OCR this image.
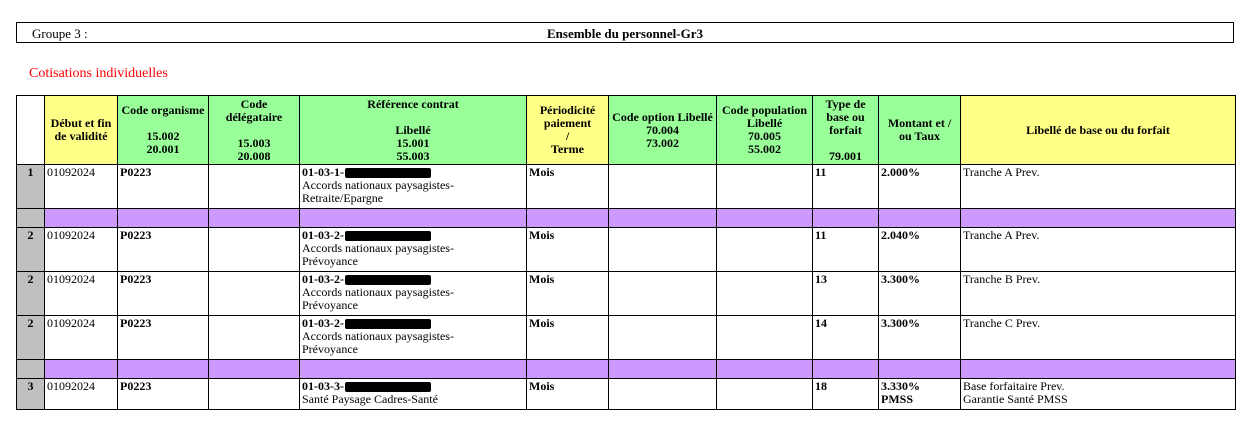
Groupe 3 :	Ensemble du personnel-Gr3
Cotisations individuelles
	Début et fin de validité	Code organisme

15.002
20.001	Code délégataire

15.003
20.008	Référence contrat

Libellé
15.001
55.003	Périodicité paiement
/
Terme	Code option Libellé
70.004
73.002	Code population Libellé
70.005
55.002	Type de base ou forfait

79.001	Montant et / ou Taux	Libellé de base ou du forfait
1	01092024	P0223		01-03-1-
Accords nationaux paysagistes-
Retraite/Epargne	Mois			11	2.000%	Tranche A Prev.

2	01092024	P0223		01-03-2-
Accords nationaux paysagistes-
Prévoyance	Mois			11	2.040%	Tranche A Prev.
2	01092024	P0223		01-03-2-
Accords nationaux paysagistes-
Prévoyance	Mois			13	3.300%	Tranche B Prev.
2	01092024	P0223		01-03-2-
Accords nationaux paysagistes-
Prévoyance	Mois			14	3.300%	Tranche C Prev.

3	01092024	P0223		01-03-3-
Santé Paysage Cadres-Santé	Mois			18	3.330%
PMSS	Base forfaitaire Prev.
Garantie Santé PMSS
